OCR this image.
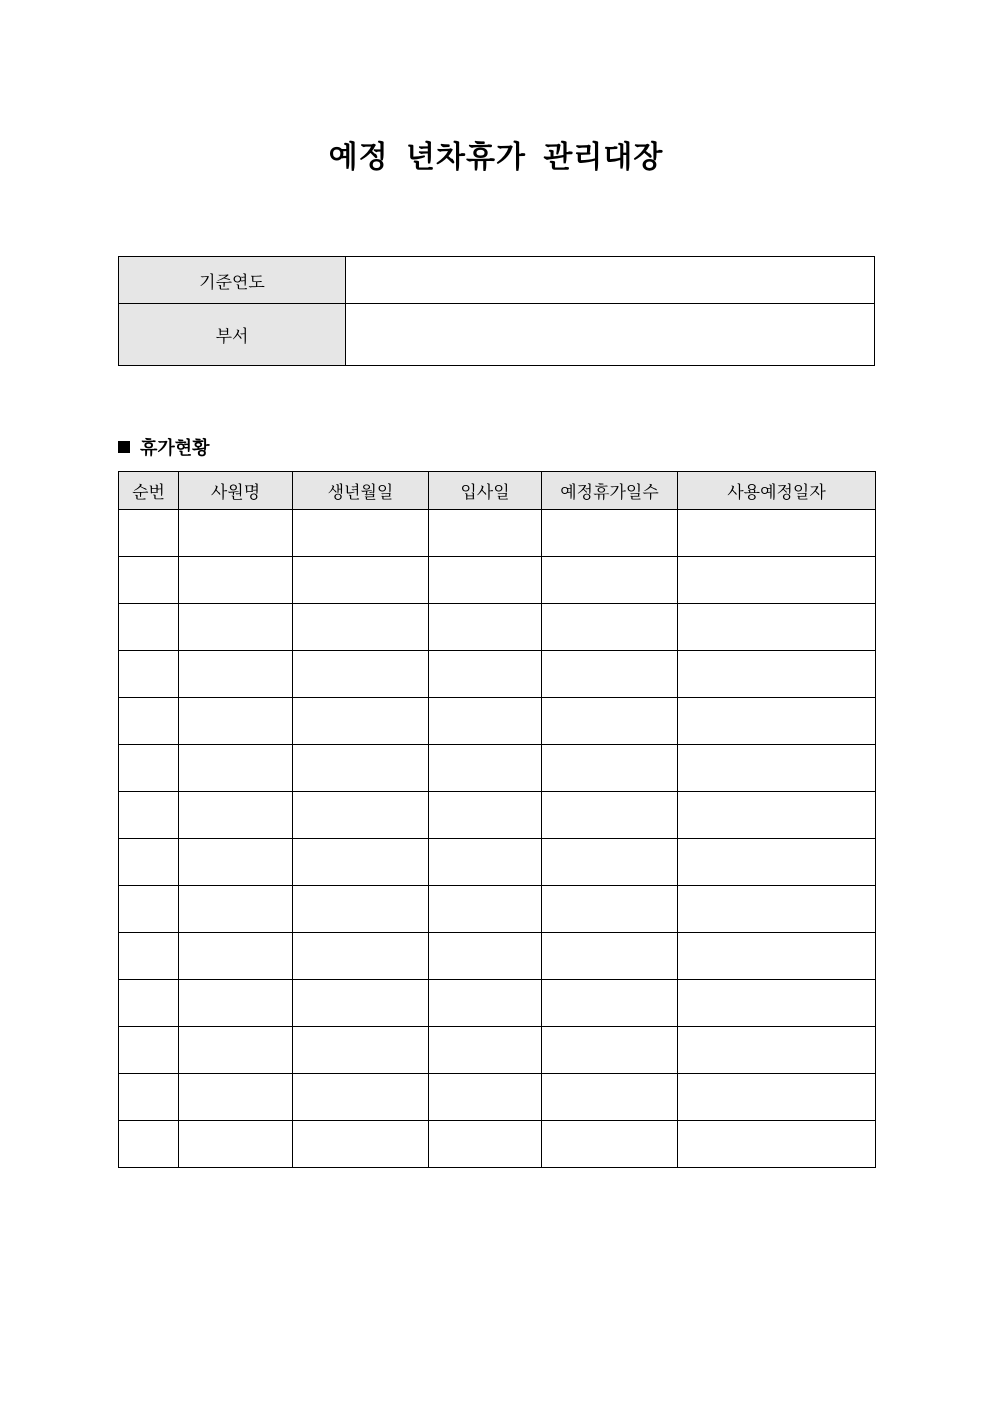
예정 년차휴가 관리대장
기준연도	
부서	
휴가현황
순번	사원명	생년월일	입사일	예정휴가일수	사용예정일자
